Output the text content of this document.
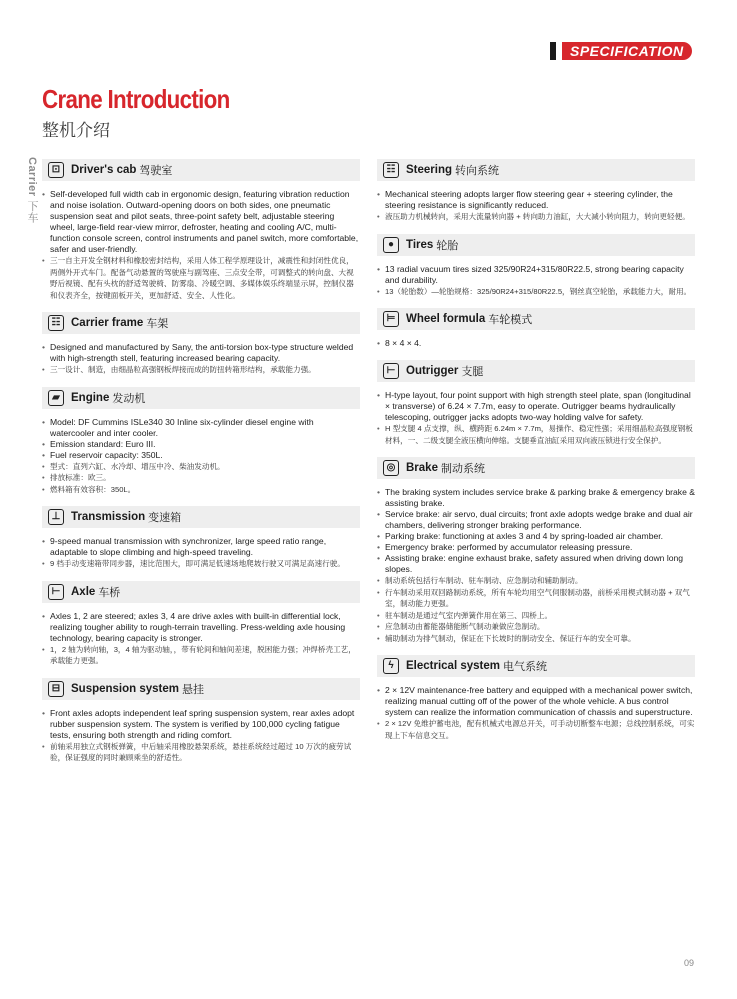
SPECIFICATION
Crane Introduction
整机介绍
Carrier 下车
⊡ Driver's cab 驾驶室
• Self-developed full width cab in ergonomic design, featuring vibration reduction and noise isolation. Outward-opening doors on both sides, one pneumatic suspension seat and pilot seats, three-point safety belt, adjustable steering wheel, large-field rear-view mirror, defroster, heating and cooling A/C, multi-function console screen, control instruments and panel switch, more comfortable, safer and user-friendly.
• 三一自主开发全钢材料和橡胶密封结构，采用人体工程学原理设计，减震性和封闭性优良，两侧外开式车门。配备气动悬置的驾驶座与副驾座、三点安全带，可调整式的转向盘、大视野后视镜、配有头枕的舒适驾驶椅、防雾扇、冷暖空调、多媒体娱乐终端显示屏，控制仪器和仪表齐全，按键面板开关，更加舒适、安全、人性化。
☷ Carrier frame 车架
• Designed and manufactured by Sany, the anti-torsion box-type structure welded with high-strength stell, featuring increased bearing capacity.
• 三一设计、制造，由细晶粒高强钢板焊接而成的防扭转箱形结构，承载能力强。
▰ Engine 发动机
• Model: DF Cummins ISLe340 30 Inline six-cylinder diesel engine with watercooler and inter cooler.
• Emission standard: Euro III.
• Fuel reservoir capacity: 350L.
• 型式：直列六缸、水冷却、增压中冷、柴油发动机。
• 排放标准：欧三。
• 燃料箱有效容积：350L。
⊥ Transmission 变速箱
• 9-speed manual transmission with synchronizer, large speed ratio range, adaptable to slope climbing and high-speed traveling.
• 9 档手动变速箱带同步器，速比范围大，即可满足低速场地爬坡行驶又可满足高速行驶。
⊢ Axle 车桥
• Axles 1, 2 are steered; axles 3, 4 are drive axles with built-in differential lock, realizing tougher ability to rough-terrain travelling. Press-welding axle housing technology, bearing capacity is stronger.
• 1，2 轴为转向轴，3，4 轴为驱动轴，，带有轮间和轴间差速，脱困能力强；冲焊桥壳工艺，承载能力更强。
⊟ Suspension system 悬挂
• Front axles adopts independent leaf spring suspension system, rear axles adopt rubber suspension system. The system is verified by 100,000 cycling fatigue tests, ensuring both strength and riding comfort.
• 前轴采用独立式钢板弹簧，中后轴采用橡胶悬架系统，悬挂系统经过超过 10 万次的疲劳试验，保证强度的同时兼顾乘坐的舒适性。
☷ Steering 转向系统
• Mechanical steering adopts larger flow steering gear + steering cylinder, the steering resistance is significantly reduced.
• 液压助力机械转向，采用大流量转向器 + 转向助力油缸，大大减小转向阻力，转向更轻便。
●	Tires 轮胎
• 13 radial vacuum tires sized 325/90R24+315/80R22.5, strong bearing capacity and durability.
• 13（轮胎数）—轮胎规格：325/90R24+315/80R22.5，钢丝真空轮胎，承载能力大，耐用。
⊨ Wheel formula 车轮模式
• 8 × 4 × 4.
⊢ Outrigger 支腿
• H-type layout, four point support with high strength steel plate, span (longitudinal × transverse) of 6.24 × 7.7m, easy to operate. Outrigger beams hydraulically telescoping, outrigger jacks adopts two-way holding valve for safety.
• H 型支腿 4 点支撑，纵、横跨距 6.24m × 7.7m，易操作、稳定性强；采用细晶粒高强度钢板材料，一、二级支腿全液压横向伸缩。支腿垂直油缸采用双向液压锁进行安全保护。
◎ Brake 制动系统
• The braking system includes service brake & parking brake & emergency brake & assisting brake.
• Service brake: air servo, dual circuits; front axle adopts wedge brake and dual air chambers, delivering stronger braking performance.
• Parking brake: functioning at axles 3 and 4 by spring-loaded air chamber.
• Emergency brake: performed by accumulator releasing pressure.
• Assisting brake: engine exhaust brake, safety assured when driving down long slopes.
• 制动系统包括行车制动、驻车制动、应急制动和辅助制动。
• 行车制动采用双回路制动系统，所有车轮均用空气伺服制动器，前桥采用楔式制动器 + 双气室，制动能力更强。
• 驻车制动是通过气室内弹簧作用在第三、四桥上。
• 应急制动由蓄能器储能断气制动兼做应急制动。
• 辅助制动为排气制动，保证在下长坡时的制动安全、保证行车的安全可靠。
ϟ	Electrical system 电气系统
• 2 × 12V maintenance-free battery and equipped with a mechanical power switch, realizing manual cutting off of the power of the whole vehicle. A bus control system can realize the information communication of chassis and superstructure.
• 2 × 12V 免维护蓄电池，配有机械式电源总开关，可手动切断整车电源；总线控制系统，可实现上下车信息交互。
09
